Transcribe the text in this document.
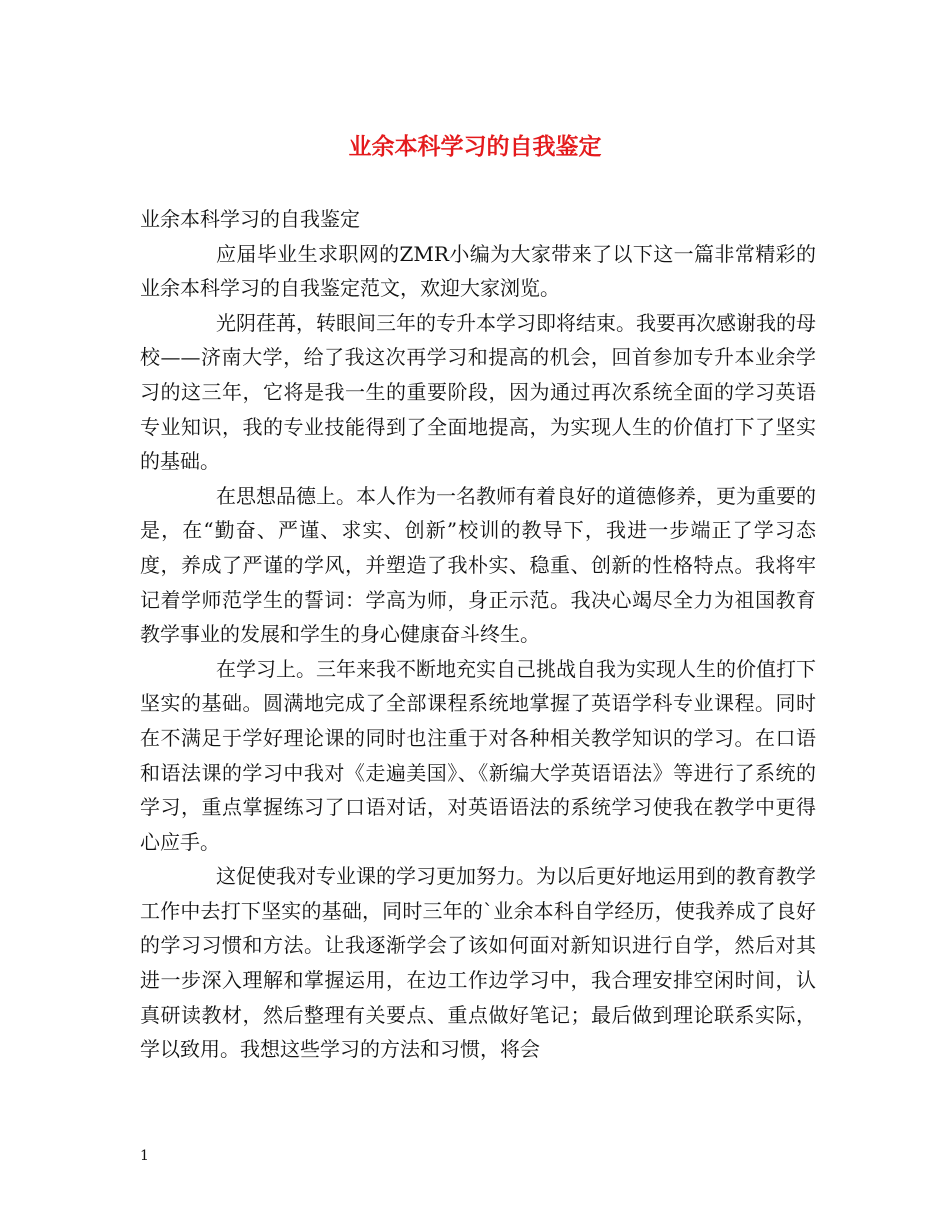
业余本科学习的自我鉴定

业余本科学习的自我鉴定

应届毕业生求职网的ZMR小编为大家带来了以下这一篇非常精彩的业余本科学习的自我鉴定范文，欢迎大家浏览。

光阴荏苒，转眼间三年的专升本学习即将结束。我要再次感谢我的母校——济南大学，给了我这次再学习和提高的机会，回首参加专升本业余学习的这三年，它将是我一生的重要阶段，因为通过再次系统全面的学习英语专业知识，我的专业技能得到了全面地提高，为实现人生的价值打下了坚实的基础。

在思想品德上。本人作为一名教师有着良好的道德修养，更为重要的是，在“勤奋、严谨、求实、创新”校训的教导下，我进一步端正了学习态度，养成了严谨的学风，并塑造了我朴实、稳重、创新的性格特点。我将牢记着学师范学生的誓词：学高为师，身正示范。我决心竭尽全力为祖国教育教学事业的发展和学生的身心健康奋斗终生。

在学习上。三年来我不断地充实自己挑战自我为实现人生的价值打下坚实的基础。圆满地完成了全部课程系统地掌握了英语学科专业课程。同时在不满足于学好理论课的同时也注重于对各种相关教学知识的学习。在口语和语法课的学习中我对《走遍美国》、《新编大学英语语法》等进行了系统的学习，重点掌握练习了口语对话，对英语语法的系统学习使我在教学中更得心应手。

这促使我对专业课的学习更加努力。为以后更好地运用到的教育教学工作中去打下坚实的基础，同时三年的`业余本科自学经历，使我养成了良好的学习习惯和方法。让我逐渐学会了该如何面对新知识进行自学，然后对其进一步深入理解和掌握运用，在边工作边学习中，我合理安排空闲时间，认真研读教材，然后整理有关要点、重点做好笔记；最后做到理论联系实际，学以致用。我想这些学习的方法和习惯，将会

1
